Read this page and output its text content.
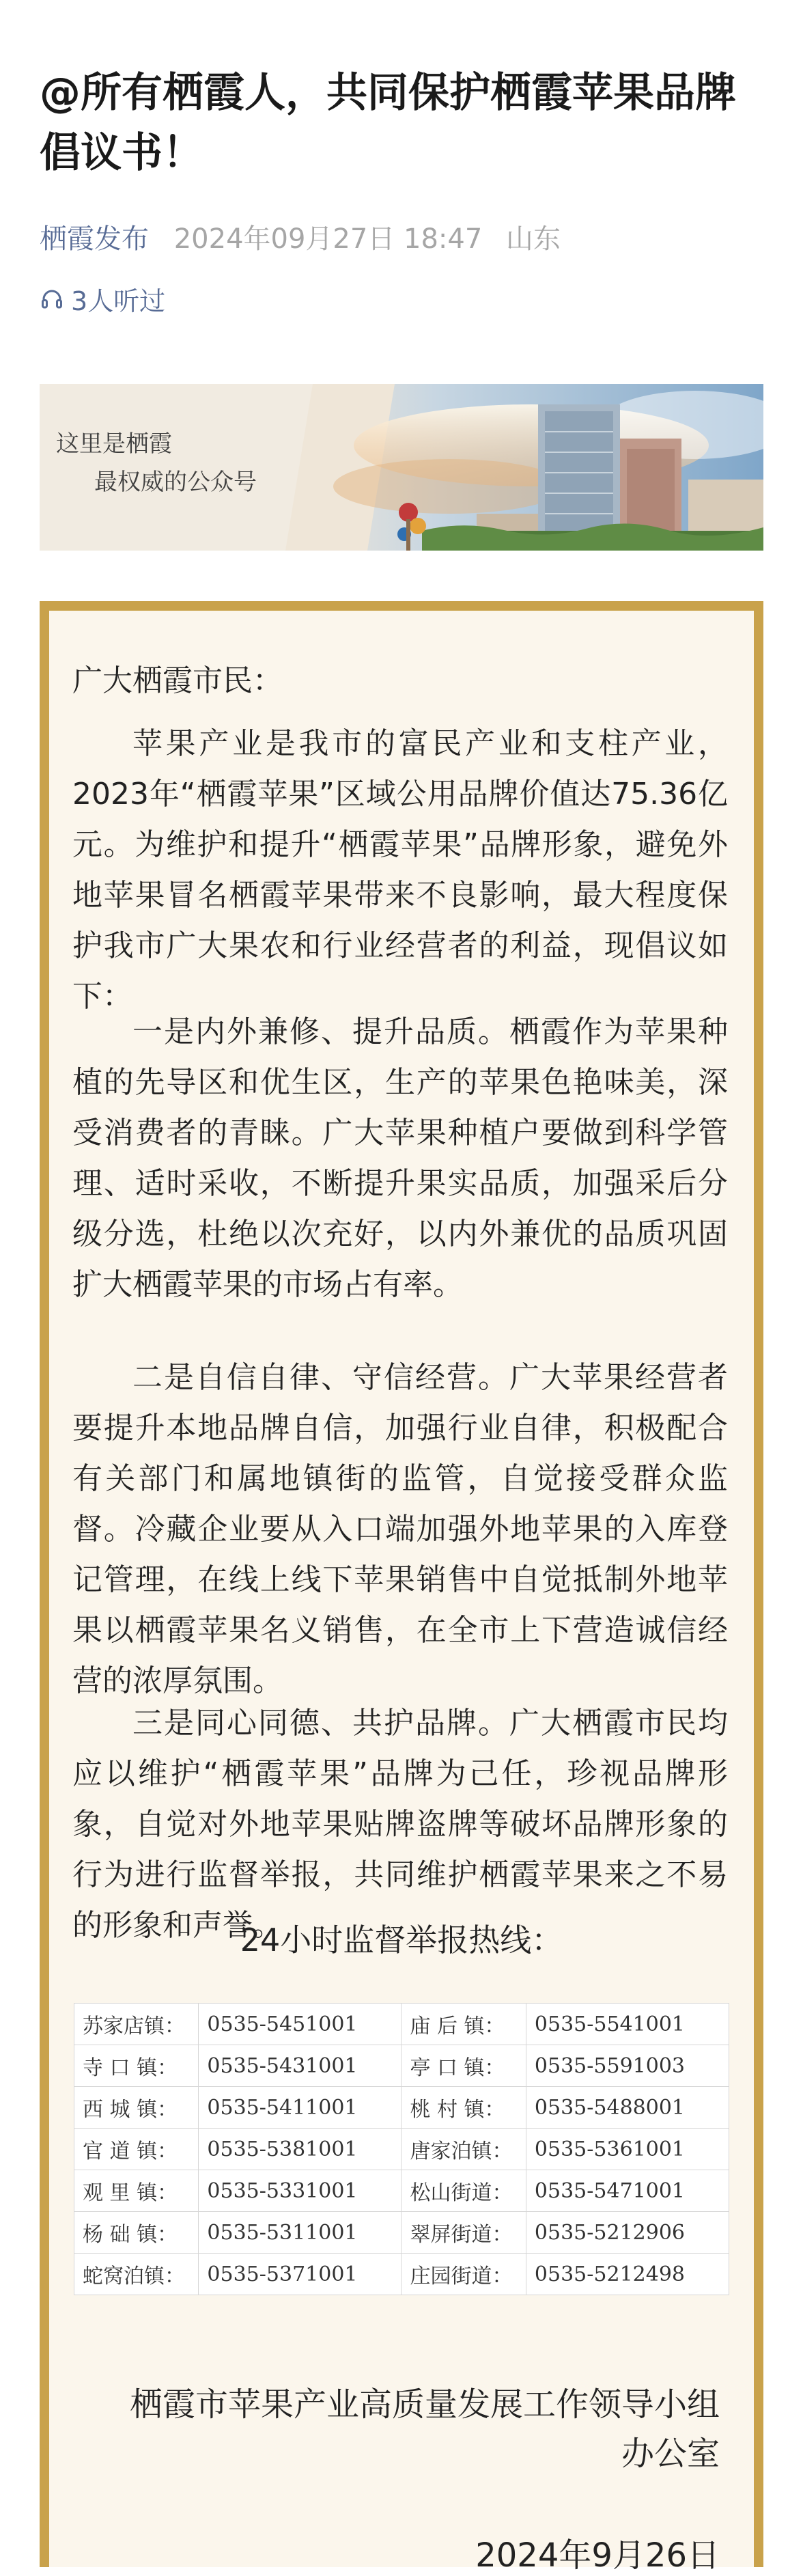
@所有栖霞人，共同保护栖霞苹果品牌倡议书！
栖霞发布 2024年09月27日 18:47 山东
3人听过
这里是栖霞
最权威的公众号
广大栖霞市民：

苹果产业是我市的富民产业和支柱产业，2023年“栖霞苹果”区域公用品牌价值达75.36亿元。为维护和提升“栖霞苹果”品牌形象，避免外地苹果冒名栖霞苹果带来不良影响，最大程度保护我市广大果农和行业经营者的利益，现倡议如下：

一是内外兼修、提升品质。栖霞作为苹果种植的先导区和优生区，生产的苹果色艳味美，深受消费者的青睐。广大苹果种植户要做到科学管理、适时采收，不断提升果实品质，加强采后分级分选，杜绝以次充好，以内外兼优的品质巩固扩大栖霞苹果的市场占有率。

二是自信自律、守信经营。广大苹果经营者要提升本地品牌自信，加强行业自律，积极配合有关部门和属地镇街的监管，自觉接受群众监督。冷藏企业要从入口端加强外地苹果的入库登记管理，在线上线下苹果销售中自觉抵制外地苹果以栖霞苹果名义销售，在全市上下营造诚信经营的浓厚氛围。

三是同心同德、共护品牌。广大栖霞市民均应以维护“栖霞苹果”品牌为己任，珍视品牌形象，自觉对外地苹果贴牌盗牌等破坏品牌形象的行为进行监督举报，共同维护栖霞苹果来之不易的形象和声誉。

24小时监督举报热线：
苏家店镇：	0535-5451001	庙 后 镇：	0535-5541001
寺 口 镇：	0535-5431001	亭 口 镇：	0535-5591003
西 城 镇：	0535-5411001	桃 村 镇：	0535-5488001
官 道 镇：	0535-5381001	唐家泊镇：	0535-5361001
观 里 镇：	0535-5331001	松山街道：	0535-5471001
杨 础 镇：	0535-5311001	翠屏街道：	0535-5212906
蛇窝泊镇：	0535-5371001	庄园街道：	0535-5212498
栖霞市苹果产业高质量发展工作领导小组办公室
2024年9月26日
